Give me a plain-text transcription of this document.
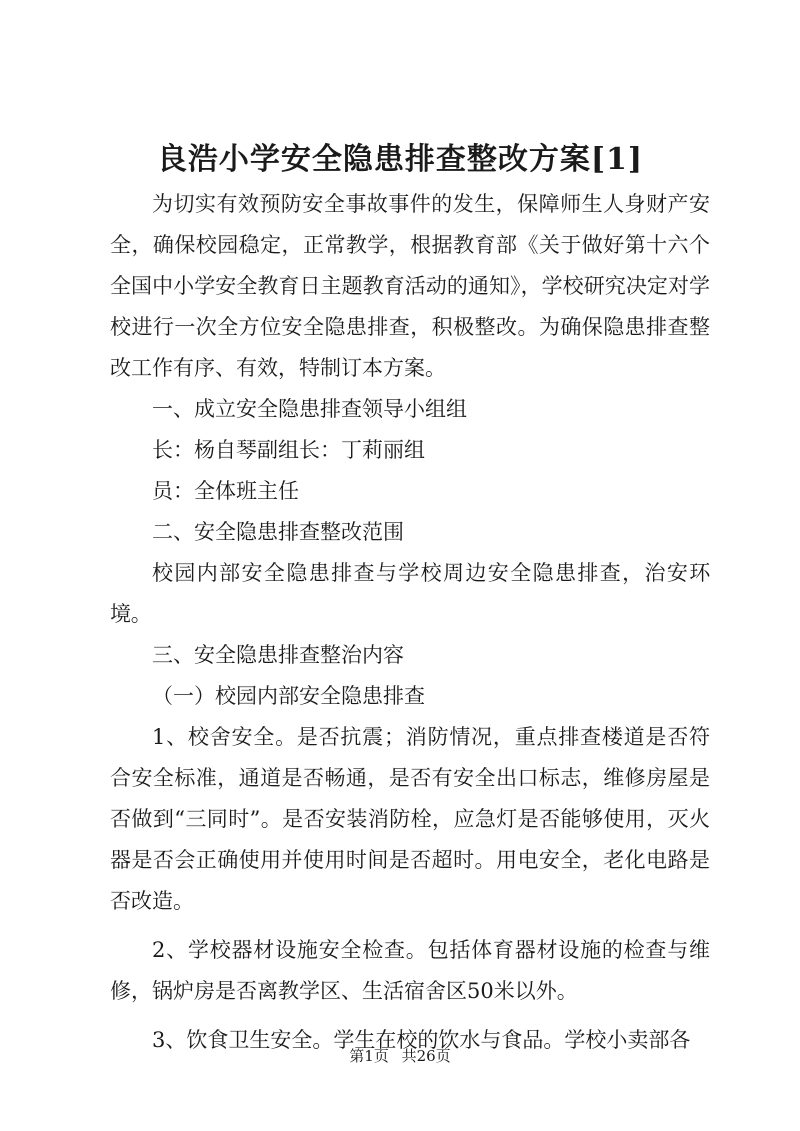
良浩小学安全隐患排查整改方案[1]

为切实有效预防安全事故事件的发生，保障师生人身财产安全，确保校园稳定，正常教学，根据教育部《关于做好第十六个全国中小学安全教育日主题教育活动的通知》，学校研究决定对学校进行一次全方位安全隐患排查，积极整改。为确保隐患排查整改工作有序、有效，特制订本方案。

一、成立安全隐患排查领导小组组

长：杨自琴副组长：丁莉丽组

员：全体班主任

二、安全隐患排查整改范围

校园内部安全隐患排查与学校周边安全隐患排查，治安环境。

三、安全隐患排查整治内容

（一）校园内部安全隐患排查

1、校舍安全。是否抗震；消防情况，重点排查楼道是否符合安全标准，通道是否畅通，是否有安全出口标志，维修房屋是否做到“三同时”。是否安装消防栓，应急灯是否能够使用，灭火器是否会正确使用并使用时间是否超时。用电安全，老化电路是否改造。

2、学校器材设施安全检查。包括体育器材设施的检查与维修，锅炉房是否离教学区、生活宿舍区50米以外。

3、饮食卫生安全。学生在校的饮水与食品。学校小卖部各

第1页 共26页
